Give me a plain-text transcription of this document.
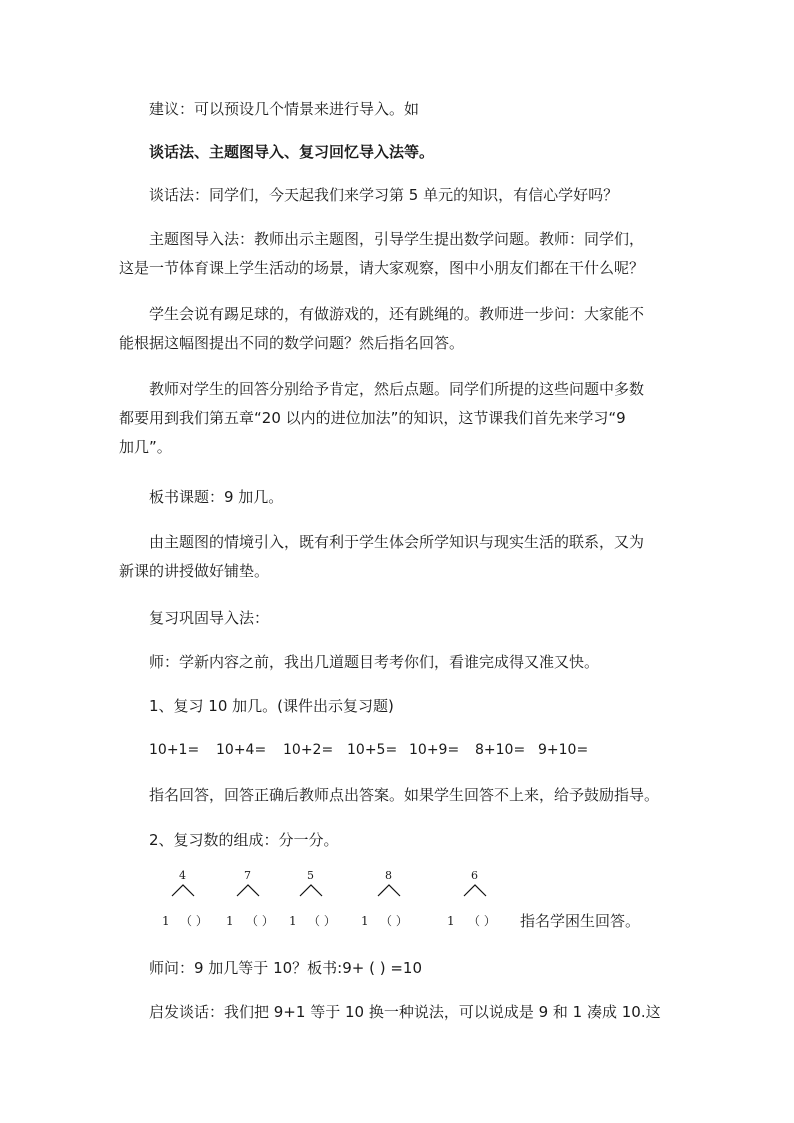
建议：可以预设几个情景来进行导入。如
谈话法、主题图导入、复习回忆导入法等。
谈话法：同学们，今天起我们来学习第 5 单元的知识，有信心学好吗？
主题图导入法：教师出示主题图，引导学生提出数学问题。教师：同学们，
这是一节体育课上学生活动的场景，请大家观察，图中小朋友们都在干什么呢？
学生会说有踢足球的，有做游戏的，还有跳绳的。教师进一步问：大家能不
能根据这幅图提出不同的数学问题？然后指名回答。
教师对学生的回答分别给予肯定，然后点题。同学们所提的这些问题中多数
都要用到我们第五章“20 以内的进位加法”的知识，这节课我们首先来学习“9
加几”。
板书课题：9 加几。
由主题图的情境引入，既有利于学生体会所学知识与现实生活的联系，又为
新课的讲授做好铺垫。
复习巩固导入法：
师：学新内容之前，我出几道题目考考你们，看谁完成得又准又快。
1、复习 10 加几。(课件出示复习题)
10+1= 10+4= 10+2= 10+5= 10+9= 8+10= 9+10=
指名回答，回答正确后教师点出答案。如果学生回答不上来，给予鼓励指导。
2、复习数的组成：分一分。
4	7	5	8	6
1 （ ） 1 （ ） 1 （ ） 1 （ ）	1 （ ） 指名学困生回答。
师问：9 加几等于 10？板书:9+ ( ) =10
启发谈话：我们把 9+1 等于 10 换一种说法，可以说成是 9 和 1 凑成 10.这
